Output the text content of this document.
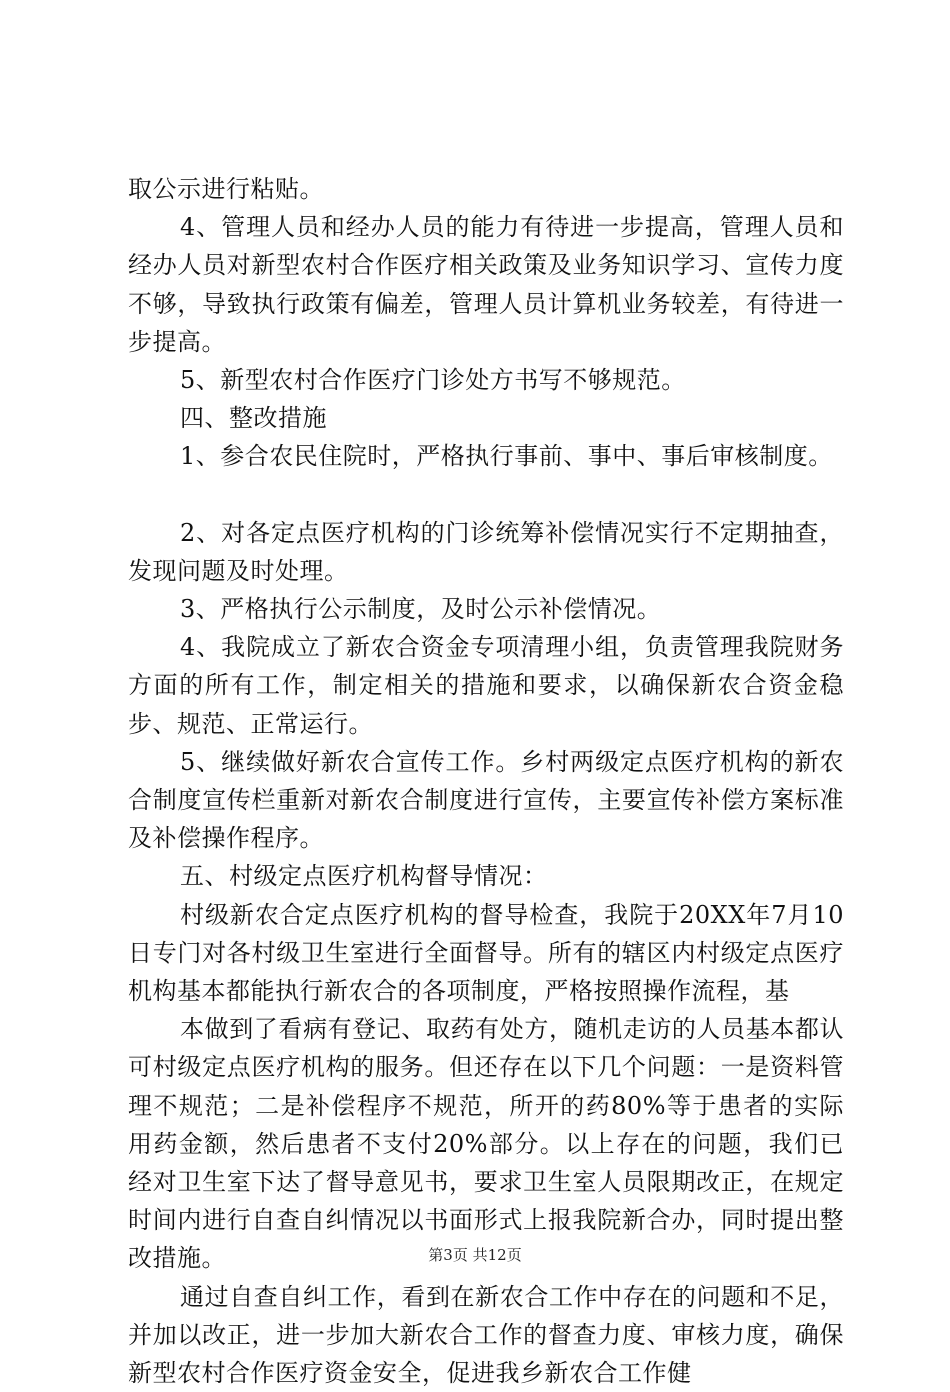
取公示进行粘贴。

4、管理人员和经办人员的能力有待进一步提高，管理人员和经办人员对新型农村合作医疗相关政策及业务知识学习、宣传力度不够，导致执行政策有偏差，管理人员计算机业务较差，有待进一步提高。

5、新型农村合作医疗门诊处方书写不够规范。

四、整改措施

1、参合农民住院时，严格执行事前、事中、事后审核制度。

2、对各定点医疗机构的门诊统筹补偿情况实行不定期抽查，发现问题及时处理。

3、严格执行公示制度，及时公示补偿情况。

4、我院成立了新农合资金专项清理小组，负责管理我院财务方面的所有工作，制定相关的措施和要求，以确保新农合资金稳步、规范、正常运行。

5、继续做好新农合宣传工作。乡村两级定点医疗机构的新农合制度宣传栏重新对新农合制度进行宣传，主要宣传补偿方案标准及补偿操作程序。

五、村级定点医疗机构督导情况：

村级新农合定点医疗机构的督导检查，我院于20XX年7月10日专门对各村级卫生室进行全面督导。所有的辖区内村级定点医疗机构基本都能执行新农合的各项制度，严格按照操作流程，基

本做到了看病有登记、取药有处方，随机走访的人员基本都认可村级定点医疗机构的服务。但还存在以下几个问题：一是资料管理不规范；二是补偿程序不规范，所开的药80%等于患者的实际用药金额，然后患者不支付20%部分。以上存在的问题，我们已经对卫生室下达了督导意见书，要求卫生室人员限期改正，在规定时间内进行自查自纠情况以书面形式上报我院新合办，同时提出整改措施。

通过自查自纠工作，看到在新农合工作中存在的问题和不足，并加以改正，进一步加大新农合工作的督查力度、审核力度，确保新型农村合作医疗资金安全，促进我乡新农合工作健

第3页 共12页
